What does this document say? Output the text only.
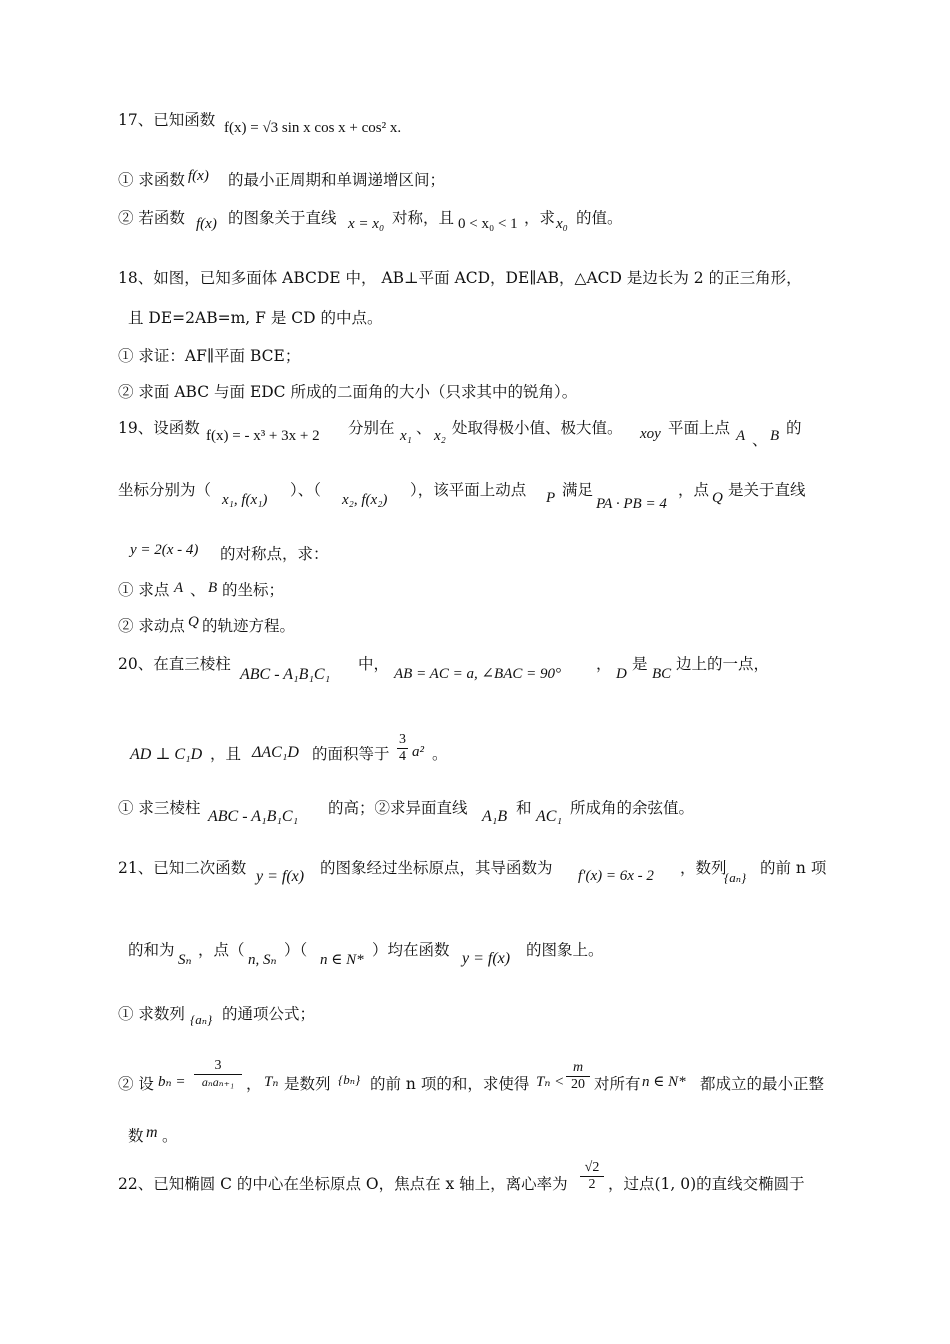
17、已知函数 f(x) = √3 sin x cos x + cos² x.
① 求函数 f(x) 的最小正周期和单调递增区间；
② 若函数 f(x) 的图象关于直线 x = x₀ 对称，且 0 < x₀ < 1 ，求 x₀ 的值。
18、如图，已知多面体 ABCDE 中， AB⊥平面 ACD，DE∥AB，△ACD 是边长为 2 的正三角形，
且 DE=2AB=m, F 是 CD 的中点。
① 求证：AF∥平面 BCE；
② 求面 ABC 与面 EDC 所成的二面角的大小（只求其中的锐角）。
19、设函数 f(x) = - x³ + 3x + 2 分别在 x₁ 、 x₂ 处取得极小值、极大值。 xoy 平面上点 A 、 B 的
坐标分别为（
x₁, f(x₁)
）、（
x₂, f(x₂)
），该平面上动点 P 满足
PA · PB = 4
，点 Q 是关于直线
y = 2(x - 4) 的对称点，求：
① 求点 A 、 B 的坐标；
② 求动点 Q 的轨迹方程。
20、在直三棱柱
ABC - A₁B₁C₁
中，
AB = AC = a, ∠BAC = 90°
，
D
是
BC
边上的一点，
AD ⊥ C₁D ，且 ΔAC₁D 的面积等于 $\frac{3}{4} a^2$ 。
① 求三棱柱 ABC - A₁B₁C₁ 的高；②求异面直线 A₁B 和 AC₁ 所成角的余弦值。
21、已知二次函数 y = f(x) 的图象经过坐标原点，其导函数为 f′(x) = 6x - 2 ，数列
{aₙ}
的前 n 项
的和为
Sₙ
，点（
n, Sₙ
）（
n ∈ N*
）均在函数 y = f(x) 的图象上。
① 求数列 {aₙ} 的通项公式；
② 设 bₙ =
3
aₙaₙ₊₁ ， Tₙ 是数列 {bₙ} 的前 n 项的和，求使得 $T_n < \frac{m}{20}$ 对所有 n ∈ N* 都成立的最小正整
数 m 。
22、已知椭圆 C 的中心在坐标原点 O，焦点在 x 轴上，离心率为 $\frac{√2}{2}$ ，过点(1, 0)的直线交椭圆于
